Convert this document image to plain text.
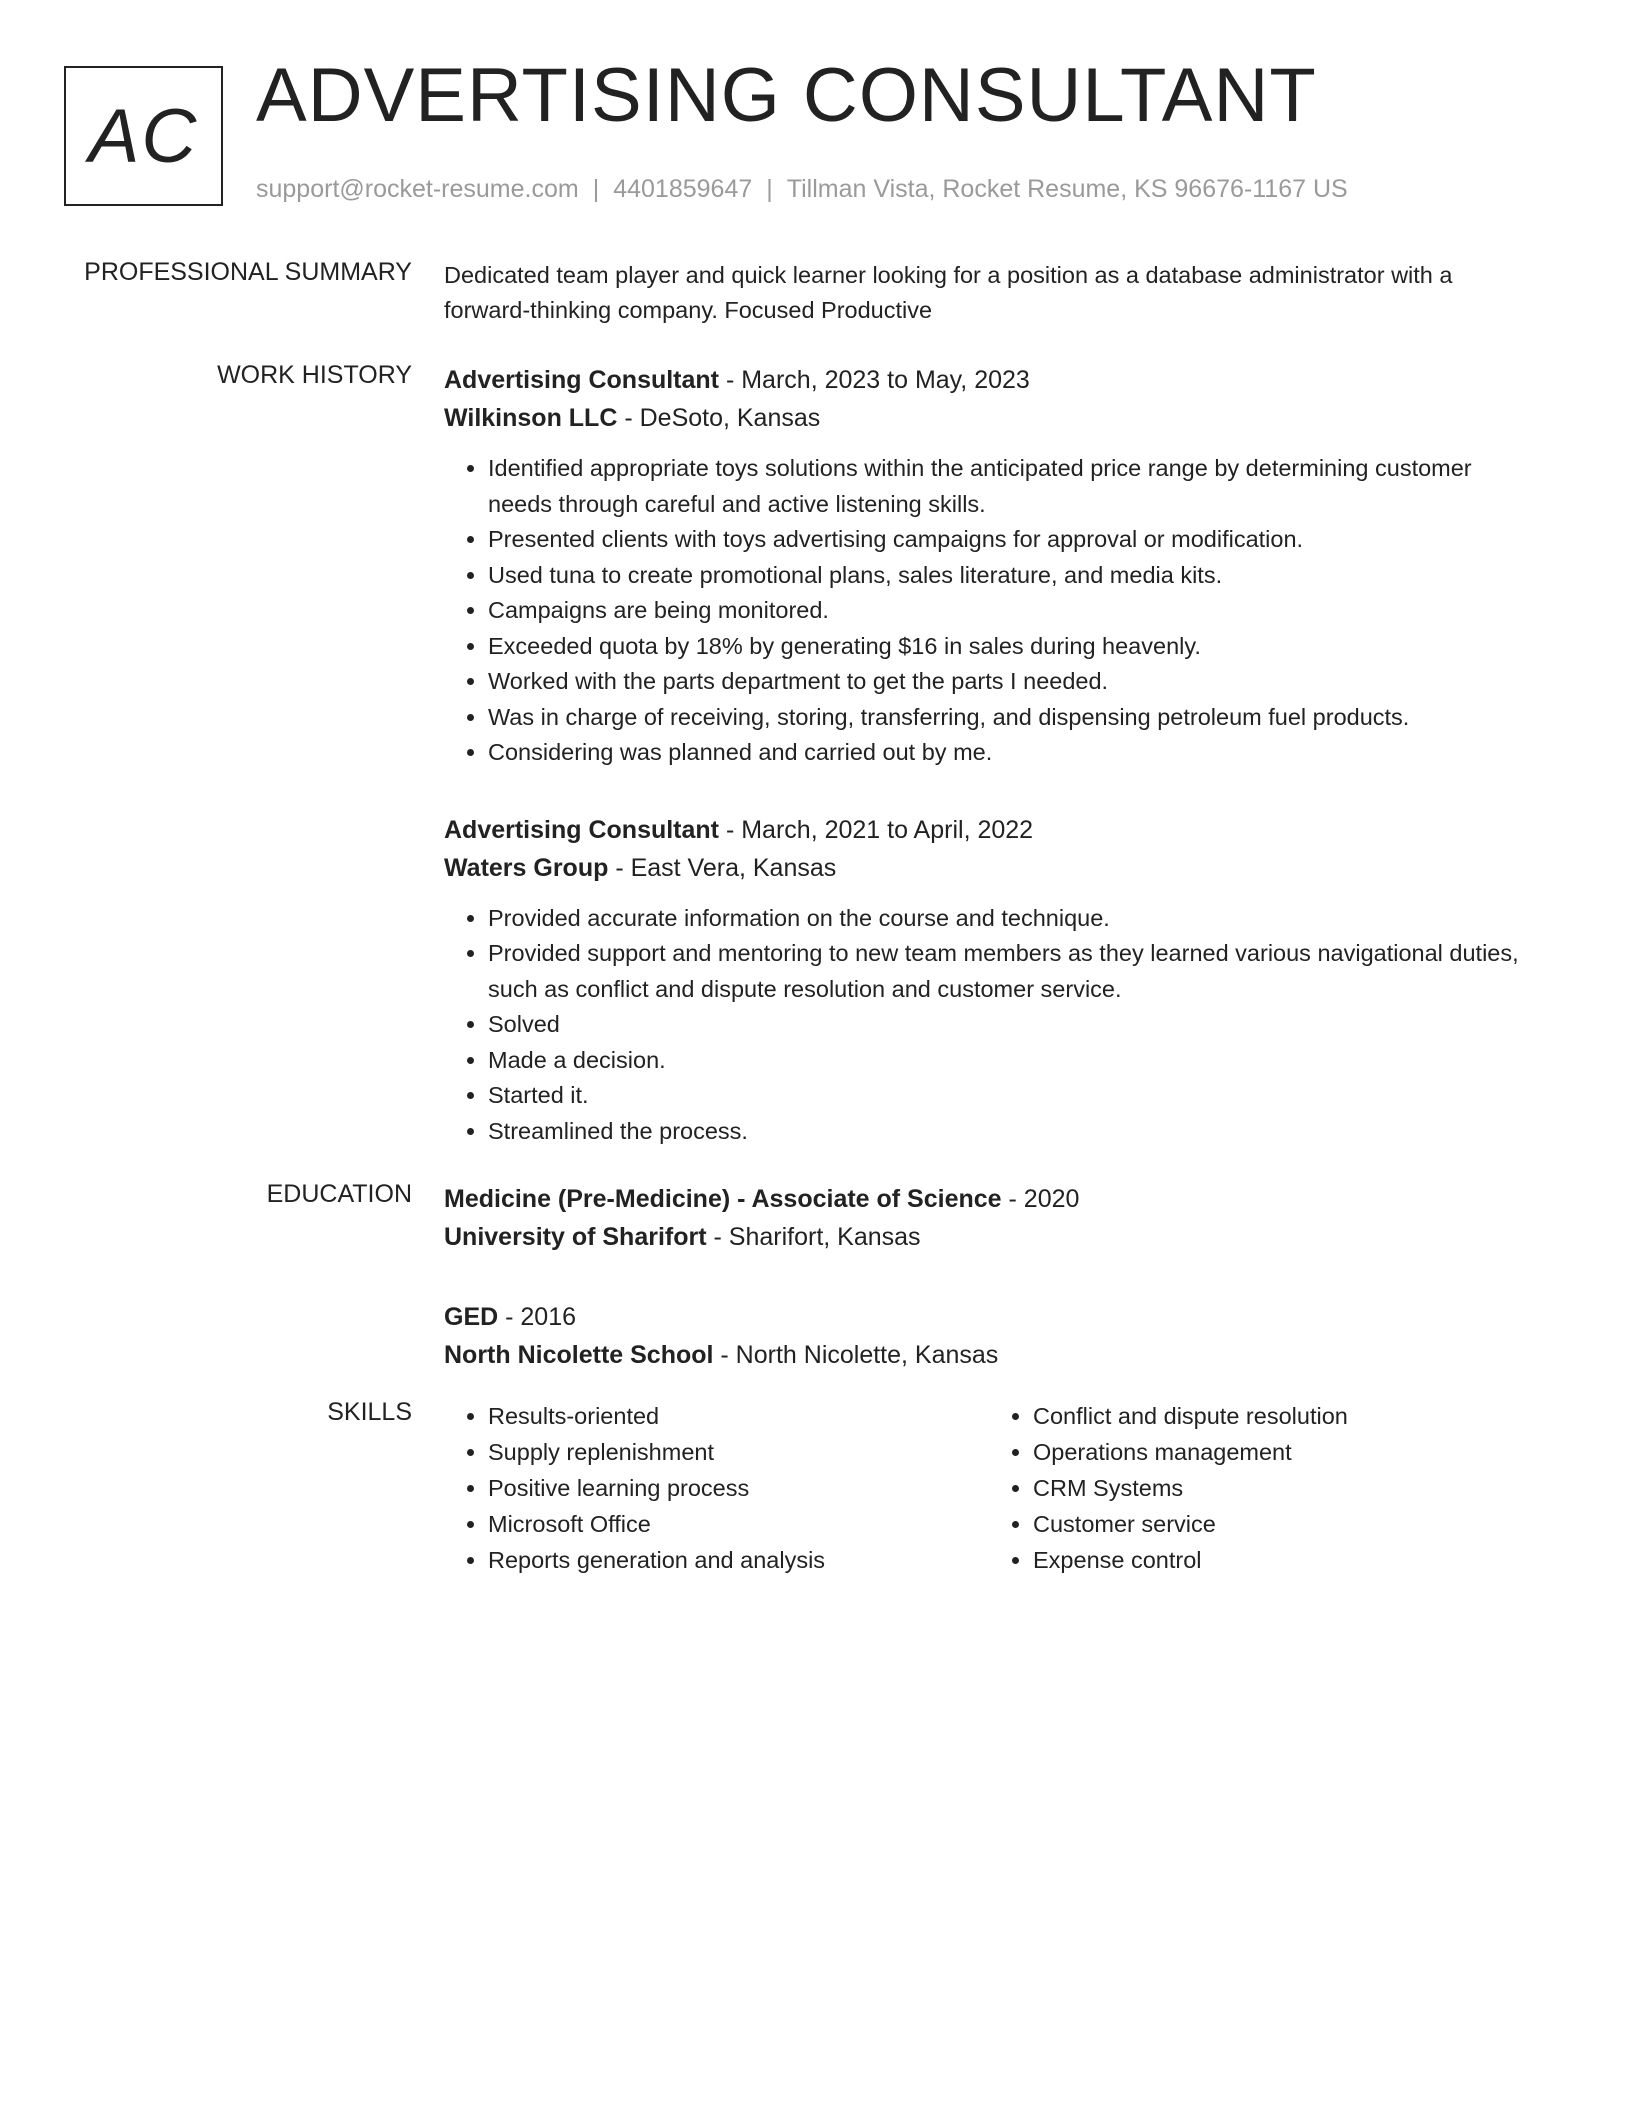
AC ADVERTISING CONSULTANT
support@rocket-resume.com | 4401859647 | Tillman Vista, Rocket Resume, KS 96676-1167 US
PROFESSIONAL SUMMARY Dedicated team player and quick learner looking for a position as a database administrator with a forward-thinking company. Focused Productive

WORK HISTORY Advertising Consultant - March, 2023 to May, 2023

Wilkinson LLC - DeSoto, Kansas

• Identified appropriate toys solutions within the anticipated price range by determining customer needs through careful and active listening skills.
• Presented clients with toys advertising campaigns for approval or modification.
• Used tuna to create promotional plans, sales literature, and media kits.
• Campaigns are being monitored.
• Exceeded quota by 18% by generating $16 in sales during heavenly.
• Worked with the parts department to get the parts I needed.
• Was in charge of receiving, storing, transferring, and dispensing petroleum fuel products.
• Considering was planned and carried out by me.

Advertising Consultant - March, 2021 to April, 2022

Waters Group - East Vera, Kansas

• Provided accurate information on the course and technique.
• Provided support and mentoring to new team members as they learned various navigational duties, such as conflict and dispute resolution and customer service.
• Solved
• Made a decision.
• Started it.
• Streamlined the process.
EDUCATION Medicine (Pre-Medicine) - Associate of Science - 2020

University of Sharifort - Sharifort, Kansas

GED - 2016

North Nicolette School - North Nicolette, Kansas

SKILLS
•	Results-oriented
• Supply replenishment
• Positive learning process
• Microsoft Office
• Reports generation and analysis
• Conflict and dispute resolution
• Operations management
• CRM Systems
• Customer service
• Expense control
